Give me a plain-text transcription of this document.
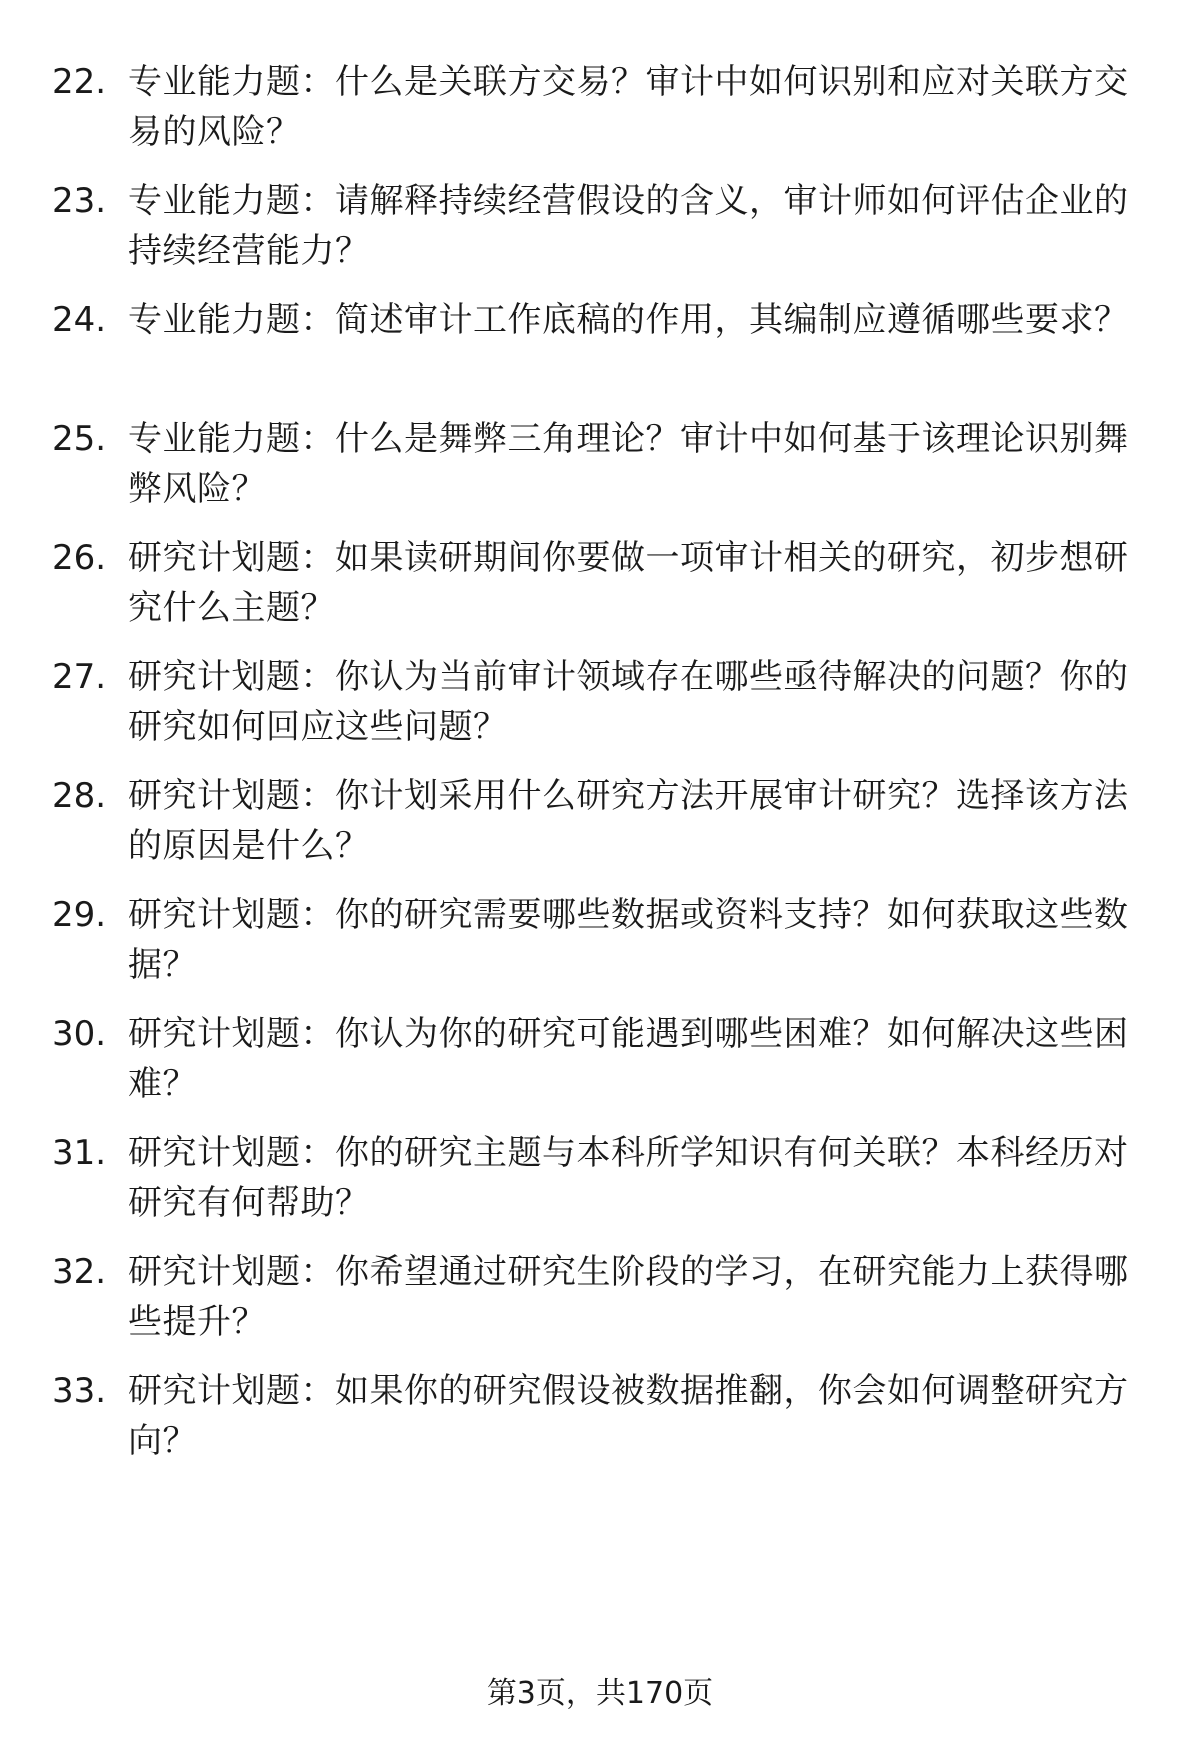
22. 专业能力题：什么是关联方交易？审计中如何识别和应对关联方交易的风险？
23. 专业能力题：请解释持续经营假设的含义，审计师如何评估企业的持续经营能力？
24. 专业能力题：简述审计工作底稿的作用，其编制应遵循哪些要求？
25. 专业能力题：什么是舞弊三角理论？审计中如何基于该理论识别舞弊风险？
26. 研究计划题：如果读研期间你要做一项审计相关的研究，初步想研究什么主题？
27. 研究计划题：你认为当前审计领域存在哪些亟待解决的问题？你的研究如何回应这些问题？
28. 研究计划题：你计划采用什么研究方法开展审计研究？选择该方法的原因是什么？
29. 研究计划题：你的研究需要哪些数据或资料支持？如何获取这些数据？
30. 研究计划题：你认为你的研究可能遇到哪些困难？如何解决这些困难？
31. 研究计划题：你的研究主题与本科所学知识有何关联？本科经历对研究有何帮助？
32. 研究计划题：你希望通过研究生阶段的学习，在研究能力上获得哪些提升？
33. 研究计划题：如果你的研究假设被数据推翻，你会如何调整研究方向？
第3页，共170页
